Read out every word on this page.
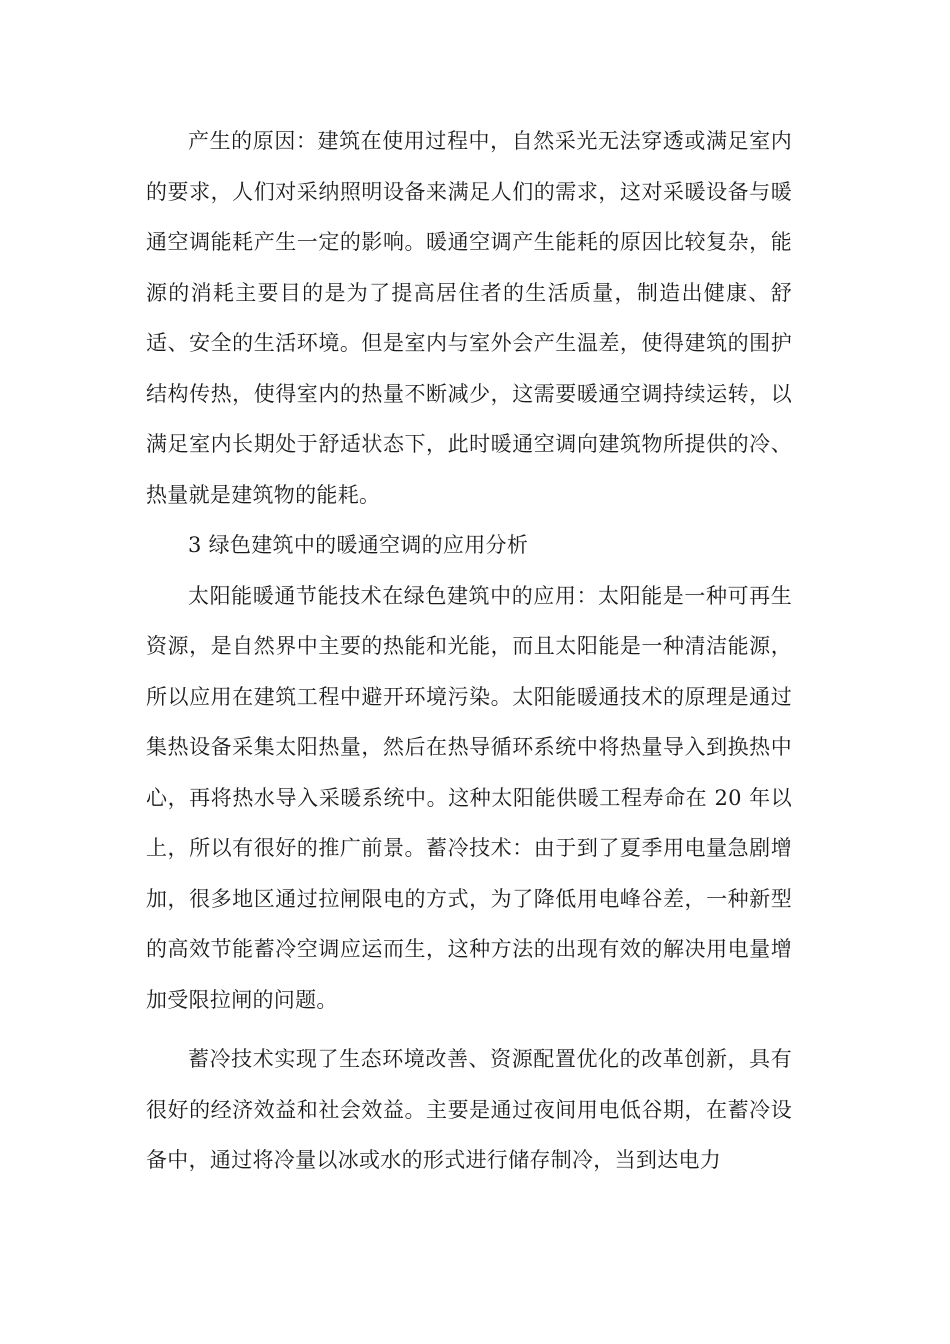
产生的原因：建筑在使用过程中，自然采光无法穿透或满足室内的要求，人们对采纳照明设备来满足人们的需求，这对采暖设备与暖通空调能耗产生一定的影响。暖通空调产生能耗的原因比较复杂，能源的消耗主要目的是为了提高居住者的生活质量，制造出健康、舒适、安全的生活环境。但是室内与室外会产生温差，使得建筑的围护结构传热，使得室内的热量不断减少，这需要暖通空调持续运转，以满足室内长期处于舒适状态下，此时暖通空调向建筑物所提供的冷、热量就是建筑物的能耗。

3 绿色建筑中的暖通空调的应用分析

太阳能暖通节能技术在绿色建筑中的应用：太阳能是一种可再生资源，是自然界中主要的热能和光能，而且太阳能是一种清洁能源，所以应用在建筑工程中避开环境污染。太阳能暖通技术的原理是通过集热设备采集太阳热量，然后在热导循环系统中将热量导入到换热中心，再将热水导入采暖系统中。这种太阳能供暖工程寿命在 20 年以上，所以有很好的推广前景。蓄冷技术：由于到了夏季用电量急剧增加，很多地区通过拉闸限电的方式，为了降低用电峰谷差，一种新型的高效节能蓄冷空调应运而生，这种方法的出现有效的解决用电量增加受限拉闸的问题。

蓄冷技术实现了生态环境改善、资源配置优化的改革创新，具有很好的经济效益和社会效益。主要是通过夜间用电低谷期，在蓄冷设备中，通过将冷量以冰或水的形式进行储存制冷，当到达电力
